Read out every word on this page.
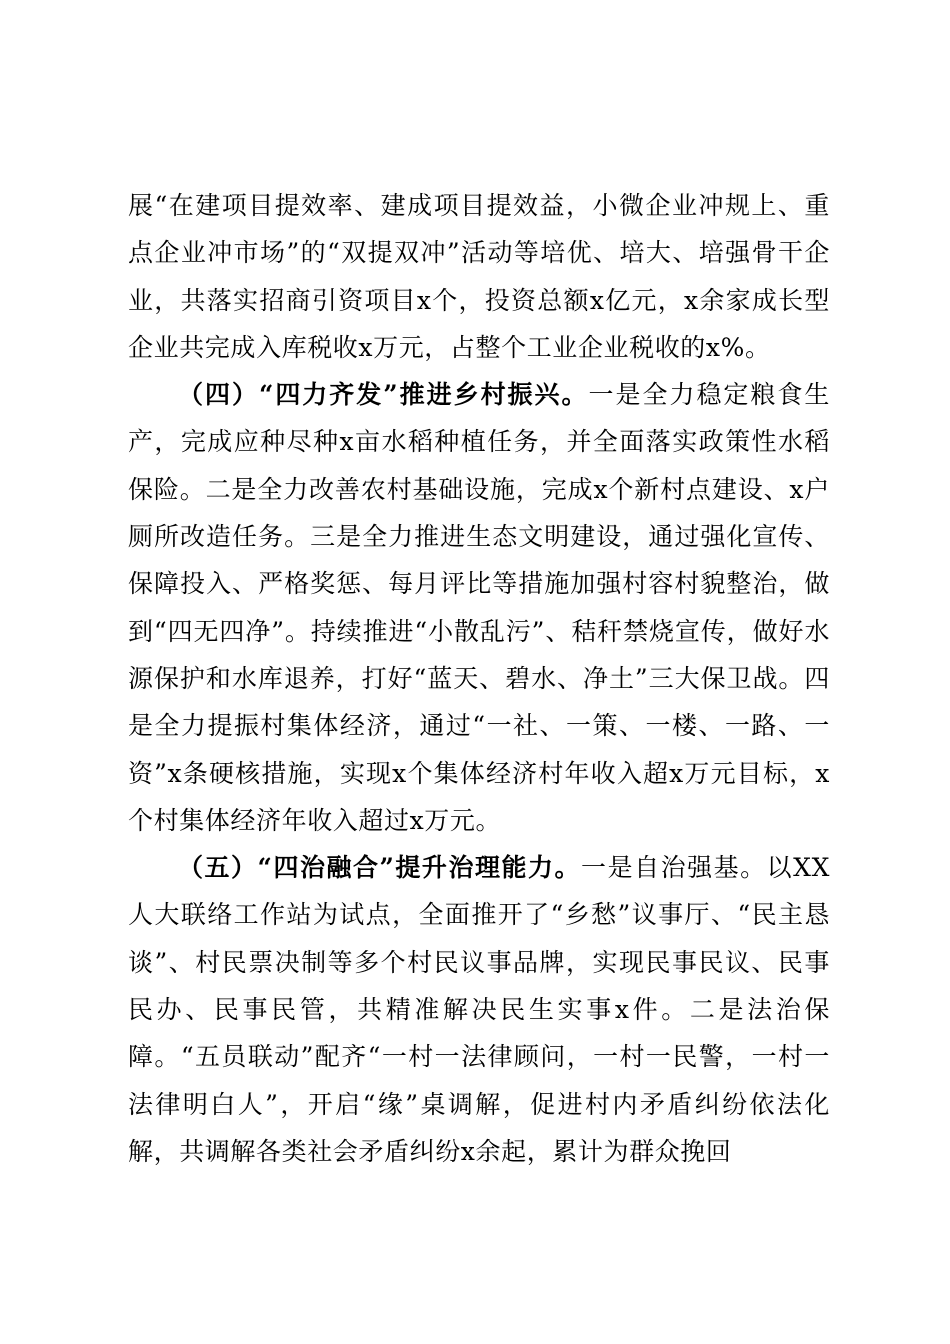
展“在建项目提效率、建成项目提效益，小微企业冲规上、重点企业冲市场”的“双提双冲”活动等培优、培大、培强骨干企业，共落实招商引资项目x个，投资总额x亿元，x余家成长型企业共完成入库税收x万元，占整个工业企业税收的x%。

（四）“四力齐发”推进乡村振兴。一是全力稳定粮食生产，完成应种尽种x亩水稻种植任务，并全面落实政策性水稻保险。二是全力改善农村基础设施，完成x个新村点建设、x户厕所改造任务。三是全力推进生态文明建设，通过强化宣传、保障投入、严格奖惩、每月评比等措施加强村容村貌整治，做到“四无四净”。持续推进“小散乱污”、秸秆禁烧宣传，做好水源保护和水库退养，打好“蓝天、碧水、净土”三大保卫战。四是全力提振村集体经济，通过“一社、一策、一楼、一路、一资”x条硬核措施，实现x个集体经济村年收入超x万元目标，x个村集体经济年收入超过x万元。

（五）“四治融合”提升治理能力。一是自治强基。以XX人大联络工作站为试点，全面推开了“乡愁”议事厅、“民主恳谈”、村民票决制等多个村民议事品牌，实现民事民议、民事民办、民事民管，共精准解决民生实事x件。二是法治保障。“五员联动”配齐“一村一法律顾问，一村一民警，一村一法律明白人”，开启“缘”桌调解，促进村内矛盾纠纷依法化解，共调解各类社会矛盾纠纷x余起，累计为群众挽回
